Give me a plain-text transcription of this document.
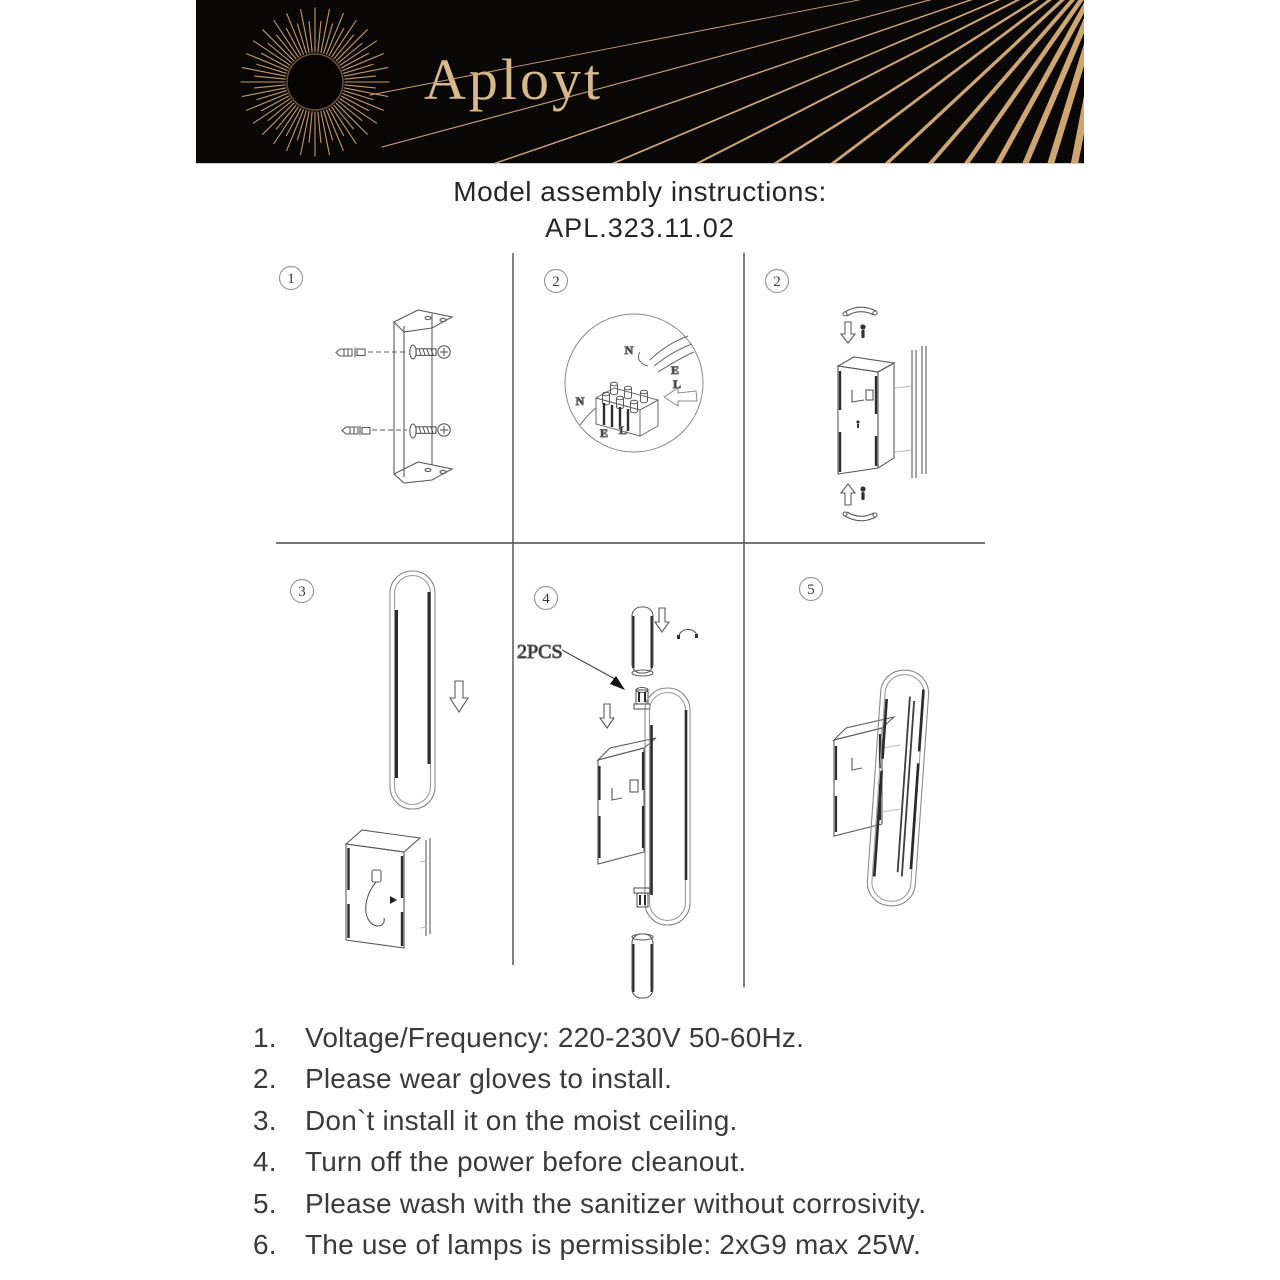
Aployt
Model assembly instructions:
APL.323.11.02
1	2	2
3	4
5
N
E
L
N
E L
2PCS
1.	Voltage/Frequency: 220-230V 50-60Hz.
2.	Please wear gloves to install.
3.	Don`t install it on the moist ceiling.
4.	Turn off the power before cleanout.
5.	Please wash with the sanitizer without corrosivity.
6.	The use of lamps is permissible: 2xG9 max 25W.
